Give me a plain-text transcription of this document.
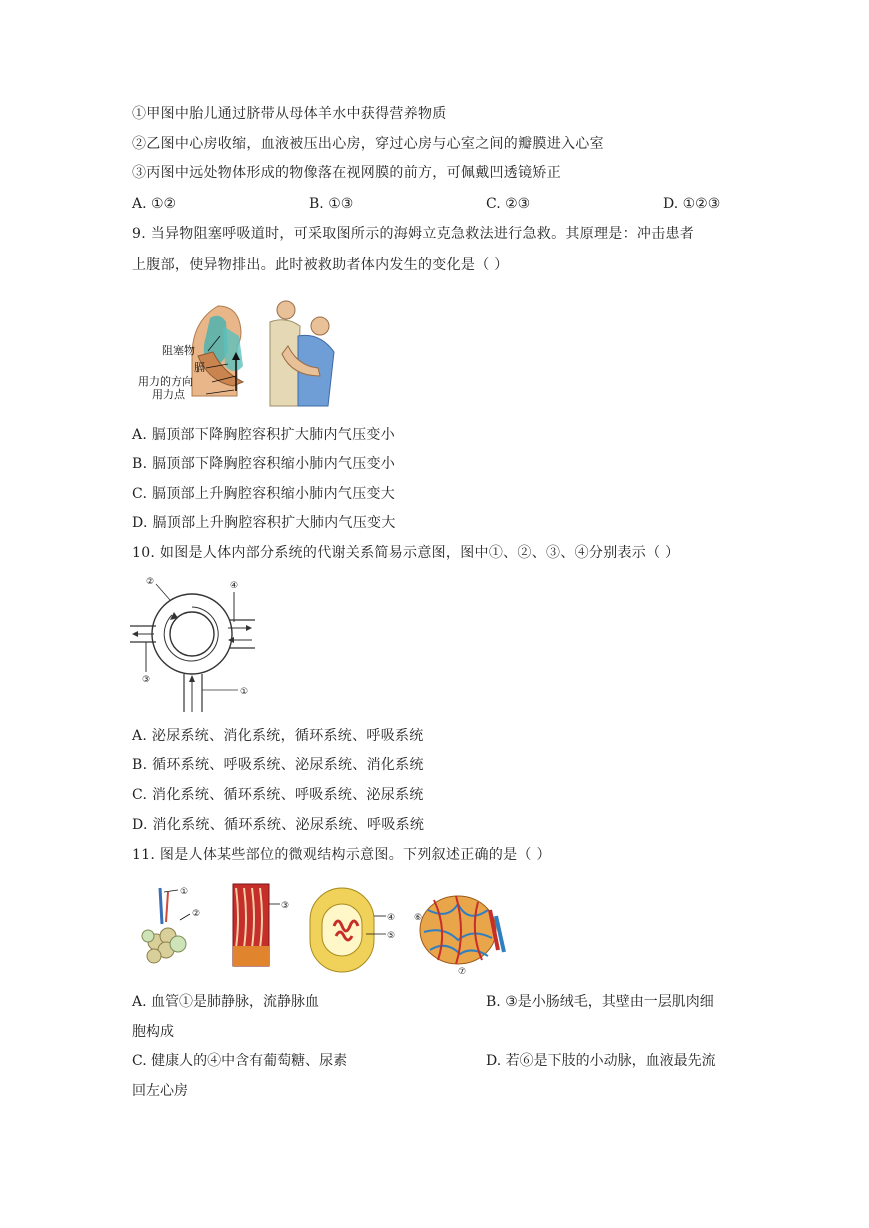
①甲图中胎儿通过脐带从母体羊水中获得营养物质
②乙图中心房收缩，血液被压出心房，穿过心房与心室之间的瓣膜进入心室
③丙图中远处物体形成的物像落在视网膜的前方，可佩戴凹透镜矫正
A. ①②	B. ①③	C. ②③	D. ①②③
9. 当异物阻塞呼吸道时，可采取图所示的海姆立克急救法进行急救。其原理是：冲击患者
上腹部，使异物排出。此时被救助者体内发生的变化是（ ）
阻塞物
膈
用力的方向
用力点
A. 膈顶部下降胸腔容积扩大肺内气压变小
B. 膈顶部下降胸腔容积缩小肺内气压变小
C. 膈顶部上升胸腔容积缩小肺内气压变大
D. 膈顶部上升胸腔容积扩大肺内气压变大
10. 如图是人体内部分系统的代谢关系简易示意图，图中①、②、③、④分别表示（ ）
②	④
③
①
A. 泌尿系统、消化系统，循环系统、呼吸系统
B. 循环系统、呼吸系统、泌尿系统、消化系统
C. 消化系统、循环系统、呼吸系统、泌尿系统
D. 消化系统、循环系统、泌尿系统、呼吸系统
11. 图是人体某些部位的微观结构示意图。下列叙述正确的是（ ）
①
②
③
④
⑤
⑥
⑦
A. 血管①是肺静脉，流静脉血	B. ③是小肠绒毛，其壁由一层肌肉细
胞构成
C. 健康人的④中含有葡萄糖、尿素	D. 若⑥是下肢的小动脉，血液最先流
回左心房
